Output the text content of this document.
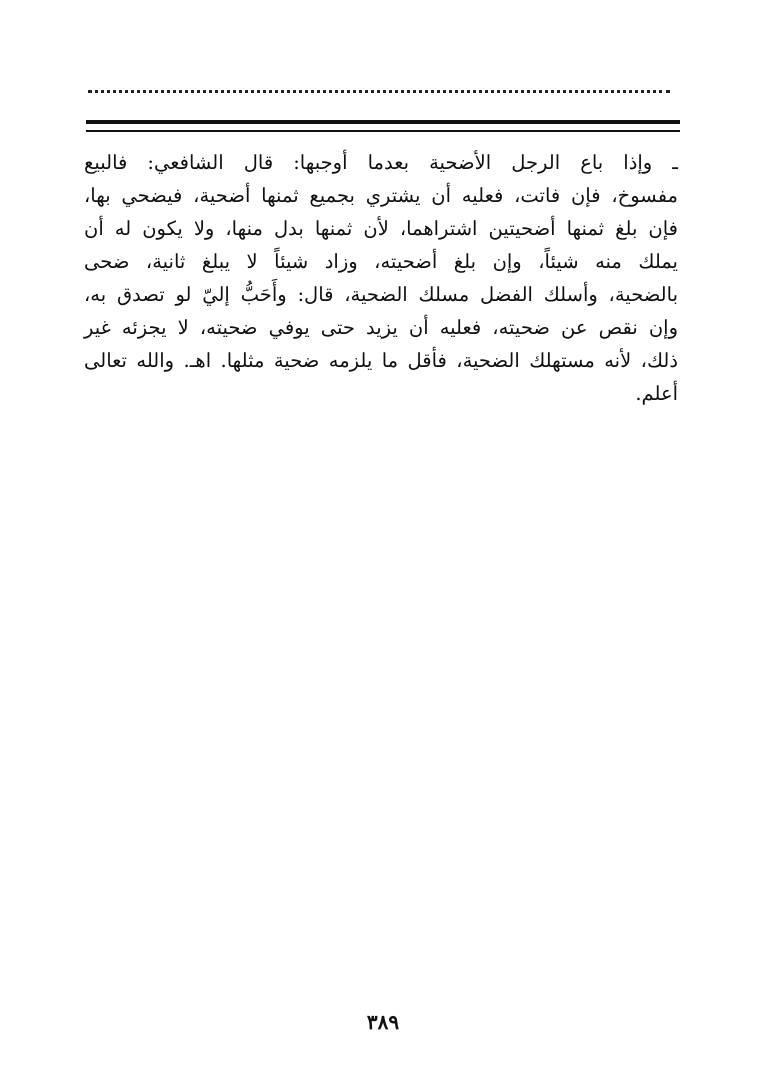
ـ وإذا باع الرجل الأضحية بعدما أوجبها: قال الشافعي: فالبيع
مفسوخ، فإن فاتت، فعليه أن يشتري بجميع ثمنها أضحية، فيضحي بها،
فإن بلغ ثمنها أضحيتين اشتراهما، لأن ثمنها بدل منها، ولا يكون له أن
يملك منه شيئاً، وإن بلغ أضحيته، وزاد شيئاً لا يبلغ ثانية، ضحى
بالضحية، وأسلك الفضل مسلك الضحية، قال: وأَحَبُّ إليّ لو تصدق به،
وإن نقص عن ضحيته، فعليه أن يزيد حتى يوفي ضحيته، لا يجزئه غير
ذلك، لأنه مستهلك الضحية، فأقل ما يلزمه ضحية مثلها. اهـ. والله تعالى
أعلم.
٣٨٩
